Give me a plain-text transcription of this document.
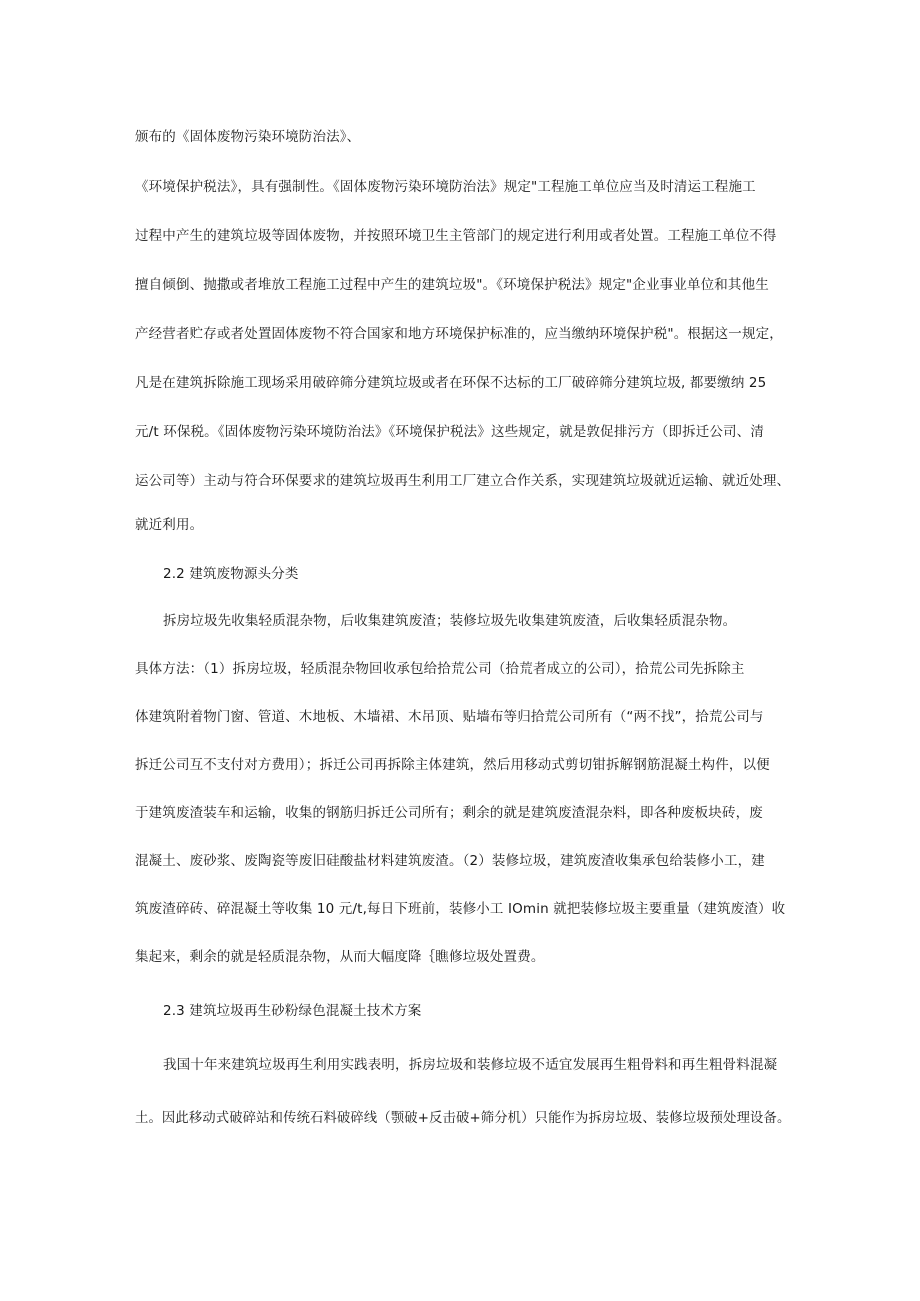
颁布的《固体废物污染环境防治法》、
《环境保护税法》，具有强制性。《固体废物污染环境防治法》规定"工程施工单位应当及时清运工程施工
过程中产生的建筑垃圾等固体废物，并按照环境卫生主管部门的规定进行利用或者处置。工程施工单位不得
擅自倾倒、抛撒或者堆放工程施工过程中产生的建筑垃圾"。《环境保护税法》规定"企业事业单位和其他生
产经营者贮存或者处置固体废物不符合国家和地方环境保护标准的，应当缴纳环境保护税"。根据这一规定，
凡是在建筑拆除施工现场采用破碎筛分建筑垃圾或者在环保不达标的工厂破碎筛分建筑垃圾, 都要缴纳 25
元/t 环保税。《固体废物污染环境防治法》《环境保护税法》这些规定，就是敦促排污方（即拆迁公司、清
运公司等）主动与符合环保要求的建筑垃圾再生利用工厂建立合作关系，实现建筑垃圾就近运输、就近处理、
就近利用。
2.2 建筑废物源头分类
拆房垃圾先收集轻质混杂物，后收集建筑废渣；装修垃圾先收集建筑废渣，后收集轻质混杂物。
具体方法：（1）拆房垃圾，轻质混杂物回收承包给拾荒公司（拾荒者成立的公司），拾荒公司先拆除主
体建筑附着物门窗、管道、木地板、木墙裙、木吊顶、贴墙布等归拾荒公司所有（“两不找”，拾荒公司与
拆迁公司互不支付对方费用）；拆迁公司再拆除主体建筑，然后用移动式剪切钳拆解钢筋混凝土构件，以便
于建筑废渣装车和运输，收集的钢筋归拆迁公司所有；剩余的就是建筑废渣混杂料，即各种废板块砖，废
混凝土、废砂浆、废陶瓷等废旧硅酸盐材料建筑废渣。（2）装修垃圾，建筑废渣收集承包给装修小工，建
筑废渣碎砖、碎混凝土等收集 10 元/t,每日下班前，装修小工 IOmin 就把装修垃圾主要重量（建筑废渣）收
集起来，剩余的就是轻质混杂物，从而大幅度降｛瞧修垃圾处置费。
2.3 建筑垃圾再生砂粉绿色混凝土技术方案
我国十年来建筑垃圾再生利用实践表明，拆房垃圾和装修垃圾不适宜发展再生粗骨料和再生粗骨料混凝
土。因此移动式破碎站和传统石料破碎线（颚破+反击破+筛分机）只能作为拆房垃圾、装修垃圾预处理设备。
